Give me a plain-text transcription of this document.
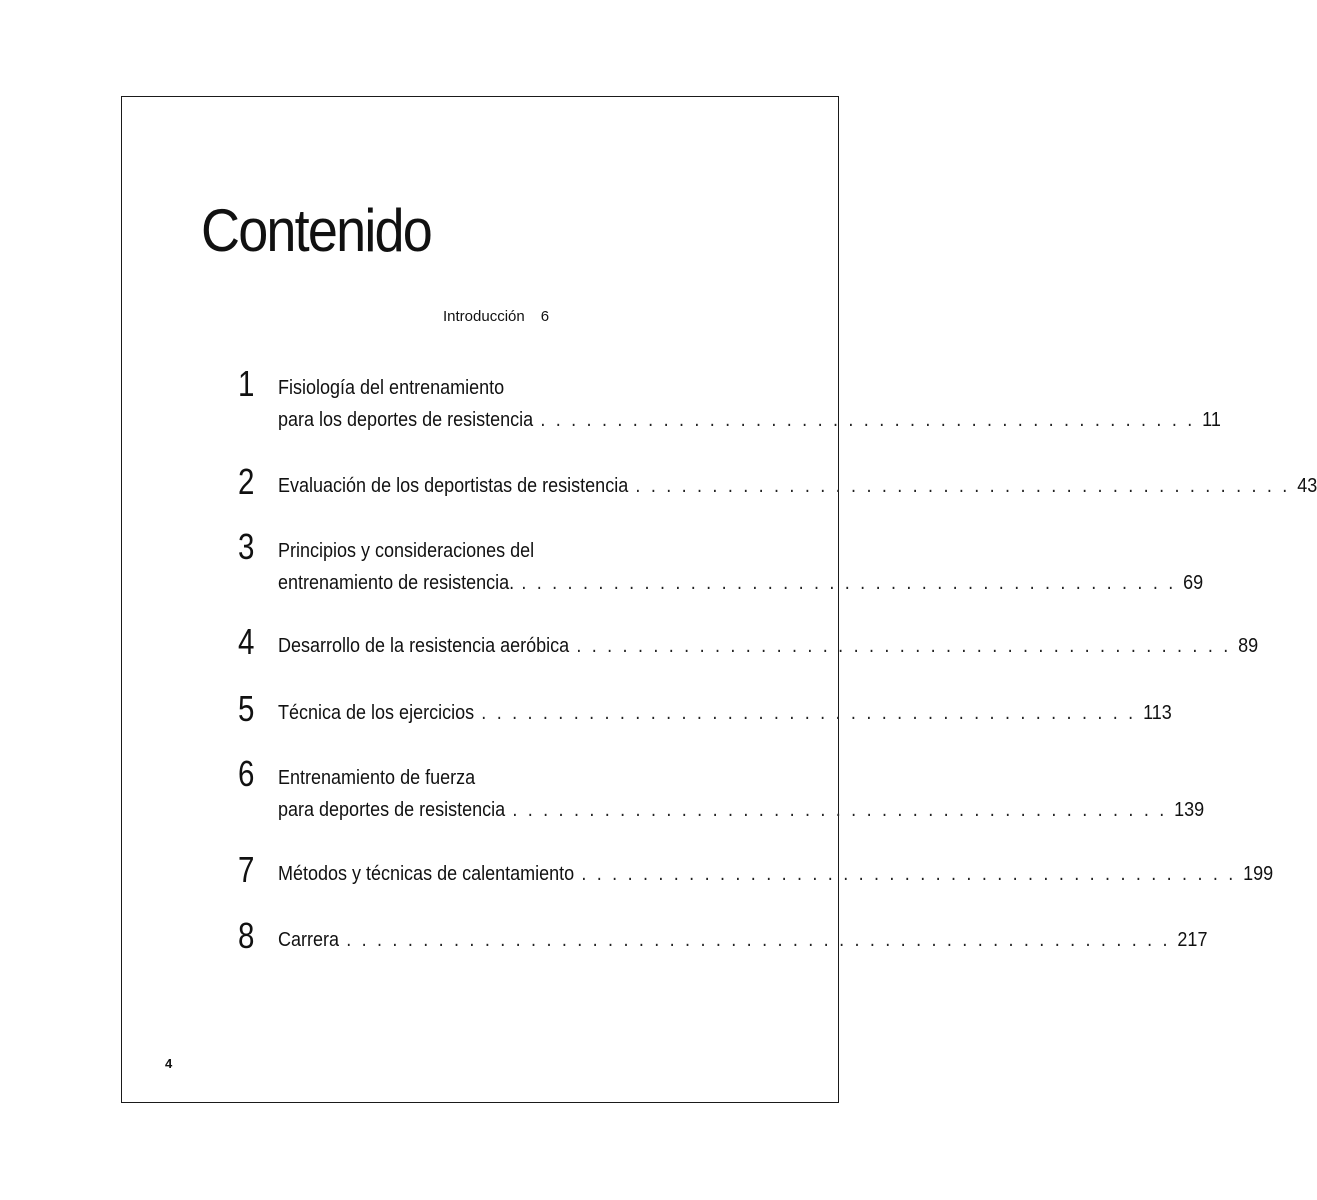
Contenido
Introducción 6
1 Fisiología del entrenamiento
para los deportes de resistencia . . . . . . . . . . . . . . . . . . . . . . . . . . . . . . . . . . . . . . . . . . . 11
2 Evaluación de los deportistas de resistencia . . . . . . . . . . . . . . . . . . . . . . . . . . . . . . . . . . . . . . . . . . . 43
3 Principios y consideraciones del
entrenamiento de resistencia. . . . . . . . . . . . . . . . . . . . . . . . . . . . . . . . . . . . . . . . . . . . 69
4 Desarrollo de la resistencia aeróbica . . . . . . . . . . . . . . . . . . . . . . . . . . . . . . . . . . . . . . . . . . . 89
5 Técnica de los ejercicios . . . . . . . . . . . . . . . . . . . . . . . . . . . . . . . . . . . . . . . . . . . 113
6 Entrenamiento de fuerza
para deportes de resistencia . . . . . . . . . . . . . . . . . . . . . . . . . . . . . . . . . . . . . . . . . . . 139
7 Métodos y técnicas de calentamiento . . . . . . . . . . . . . . . . . . . . . . . . . . . . . . . . . . . . . . . . . . . 199
8 Carrera . . . . . . . . . . . . . . . . . . . . . . . . . . . . . . . . . . . . . . . . . . . . . . . . . . . . . . 217
4
